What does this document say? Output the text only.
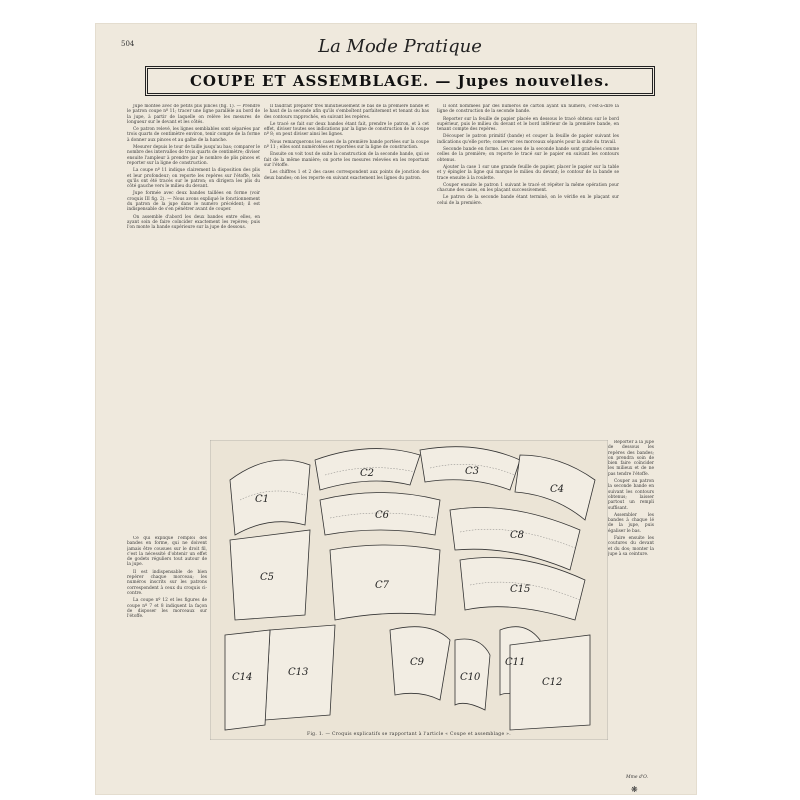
504	La Mode Pratique
COUPE ET ASSEMBLAGE. — Jupes nouvelles.

Jupe montée avec de petits plis pinces (fig. 1). — Prendre le patron coupe nº 11; tracer une ligne parallèle au bord de la jupe, à partir de laquelle on relève les mesures de longueur sur le devant et les côtés.

Ce patron relevé, les lignes semblables sont séparées par trois quarts de centimètre environ, tenir compte de la forme à donner aux pinces et au galbe de la hanche.

Mesurer depuis le tour de taille jusqu'au bas; comparer le nombre des intervalles de trois quarts de centimètre; diviser ensuite l'ampleur à prendre par le nombre de plis pinces et reporter sur la ligne de construction.

La coupe nº 11 indique clairement la disposition des plis et leur profondeur; on reporte les repères sur l'étoffe, tels qu'ils ont été tracés sur le patron; on dirigera les plis du côté gauche vers le milieu du devant.

Jupe formée avec deux bandes taillées en forme (voir croquis III fig. 2). — Nous avons expliqué le fonctionnement du patron de la jupe dans le numéro précédent; il est indispensable de s'en pénétrer avant de couper.

On assemble d'abord les deux bandes entre elles, en ayant soin de faire coïncider exactement les repères; puis l'on monte la bande supérieure sur la jupe de dessous.

Ce qui explique l'emploi des bandes en forme, qui ne doivent jamais être cousues sur le droit fil, c'est la nécessité d'obtenir un effet de godets réguliers tout autour de la jupe.

Il est indispensable de bien repérer chaque morceau; les numéros inscrits sur les patrons correspondent à ceux du croquis ci-contre.

La coupe nº 12 et les figures de coupe nº 7 et 8 indiquent la façon de disposer les morceaux sur l'étoffe.

Il faudrait préparer très minutieusement le bas de la première bande et le haut de la seconde afin qu'ils s'emboîtent parfaitement et tenant du bas des contours rapprochés, en suivant les repères.

Le tracé se fait sur deux bandes étant fait, prendre le patron, et à cet effet, diviser toutes ses indications par la ligne de construction de la coupe nº 8; on peut diviser ainsi les lignes.

Nous remarquerons les cases de la première bande portées sur la coupe nº 11 ; elles sont numérotées et reportées sur la ligne de construction.

Ensuite on voit tout de suite la construction de la seconde bande, qui se fait de la même manière; on porte les mesures relevées en les reportant sur l'étoffe.

Les chiffres 1 et 2 des cases correspondent aux points de jonction des deux bandes; on les reporte en suivant exactement les lignes du patron.

Il sont nommées par des numéros de carton ayant un numéro, c'est-à-dire la ligne de construction de la seconde bande.

Reporter sur la feuille de papier placée en dessous le tracé obtenu sur le bord supérieur, puis le milieu du devant et le bord inférieur de la première bande, en tenant compte des repères.

Découper le patron primitif (bande) et couper la feuille de papier suivant les indications qu'elle porte; conserver ces morceaux séparés pour la suite du travail.

Seconde bande en forme. Les cases de la seconde bande sont graduées comme celles de la première; on reporte le tracé sur le papier en suivant les contours obtenus.

Ajouter la case 1 sur une grande feuille de papier, placer le papier sur la table et y épingler la ligne qui marque le milieu du devant; le contour de la bande se trace ensuite à la roulette.

Couper ensuite le patron 1 suivant le tracé et répéter la même opération pour chacune des cases, en les plaçant successivement.

Le patron de la seconde bande étant terminé, on le vérifie en le plaçant sur celui de la première.

Reporter à la jupe de dessous les repères des bandes; on prendra soin de bien faire coïncider les milieux et de ne pas tendre l'étoffe.

Couper au patron la seconde bande en suivant les contours obtenus; laisser partout un rempli suffisant.

Assembler les bandes à chaque lé de la jupe, puis égaliser le bas.

Faire ensuite les coutures du devant et du dos; monter la jupe à sa ceinture.

C1
C2	C3
C4
C5
C6
C7
C8
C9
C10
C11
C12
C13
C14
C15
Fig. 1. — Croquis explicatifs se rapportant à l'article « Coupe et assemblage ».
Mme d'O.
❋
